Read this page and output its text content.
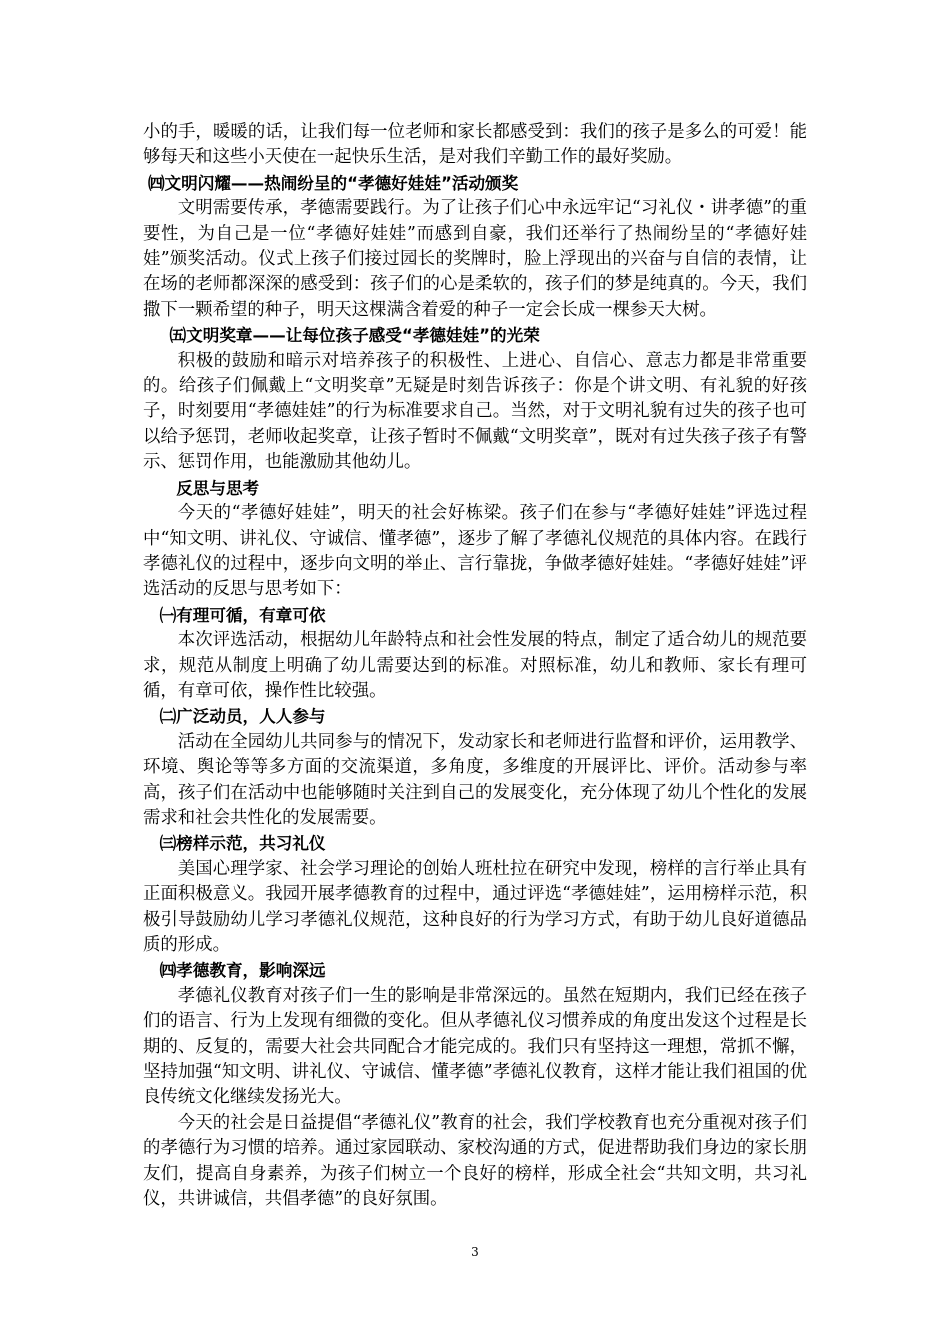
小的手，暖暖的话，让我们每一位老师和家长都感受到：我们的孩子是多么的可爱！能够每天和这些小天使在一起快乐生活，是对我们辛勤工作的最好奖励。

㈣文明闪耀——热闹纷呈的“孝德好娃娃”活动颁奖

文明需要传承，孝德需要践行。为了让孩子们心中永远牢记“习礼仪・讲孝德”的重要性，为自己是一位“孝德好娃娃”而感到自豪，我们还举行了热闹纷呈的“孝德好娃娃”颁奖活动。仪式上孩子们接过园长的奖牌时，脸上浮现出的兴奋与自信的表情，让在场的老师都深深的感受到：孩子们的心是柔软的，孩子们的梦是纯真的。今天，我们撒下一颗希望的种子，明天这棵满含着爱的种子一定会长成一棵参天大树。

㈤文明奖章——让每位孩子感受“孝德娃娃”的光荣

积极的鼓励和暗示对培养孩子的积极性、上进心、自信心、意志力都是非常重要的。给孩子们佩戴上“文明奖章”无疑是时刻告诉孩子：你是个讲文明、有礼貌的好孩子，时刻要用“孝德娃娃”的行为标准要求自己。当然，对于文明礼貌有过失的孩子也可以给予惩罚，老师收起奖章，让孩子暂时不佩戴“文明奖章”，既对有过失孩子孩子有警示、惩罚作用，也能激励其他幼儿。

反思与思考

今天的“孝德好娃娃”，明天的社会好栋梁。孩子们在参与“孝德好娃娃”评选过程中“知文明、讲礼仪、守诚信、懂孝德”，逐步了解了孝德礼仪规范的具体内容。在践行孝德礼仪的过程中，逐步向文明的举止、言行靠拢，争做孝德好娃娃。“孝德好娃娃”评选活动的反思与思考如下：

㈠有理可循，有章可依

本次评选活动，根据幼儿年龄特点和社会性发展的特点，制定了适合幼儿的规范要求，规范从制度上明确了幼儿需要达到的标准。对照标准，幼儿和教师、家长有理可循，有章可依，操作性比较强。

㈡广泛动员，人人参与

活动在全园幼儿共同参与的情况下，发动家长和老师进行监督和评价，运用教学、环境、舆论等等多方面的交流渠道，多角度，多维度的开展评比、评价。活动参与率高，孩子们在活动中也能够随时关注到自己的发展变化，充分体现了幼儿个性化的发展需求和社会共性化的发展需要。

㈢榜样示范，共习礼仪

美国心理学家、社会学习理论的创始人班杜拉在研究中发现，榜样的言行举止具有正面积极意义。我园开展孝德教育的过程中，通过评选“孝德娃娃”，运用榜样示范，积极引导鼓励幼儿学习孝德礼仪规范，这种良好的行为学习方式，有助于幼儿良好道德品质的形成。

㈣孝德教育，影响深远

孝德礼仪教育对孩子们一生的影响是非常深远的。虽然在短期内，我们已经在孩子们的语言、行为上发现有细微的变化。但从孝德礼仪习惯养成的角度出发这个过程是长期的、反复的，需要大社会共同配合才能完成的。我们只有坚持这一理想，常抓不懈，坚持加强“知文明、讲礼仪、守诚信、懂孝德”孝德礼仪教育，这样才能让我们祖国的优良传统文化继续发扬光大。

今天的社会是日益提倡“孝德礼仪”教育的社会，我们学校教育也充分重视对孩子们的孝德行为习惯的培养。通过家园联动、家校沟通的方式，促进帮助我们身边的家长朋友们，提高自身素养，为孩子们树立一个良好的榜样，形成全社会“共知文明，共习礼仪，共讲诚信，共倡孝德”的良好氛围。

3
